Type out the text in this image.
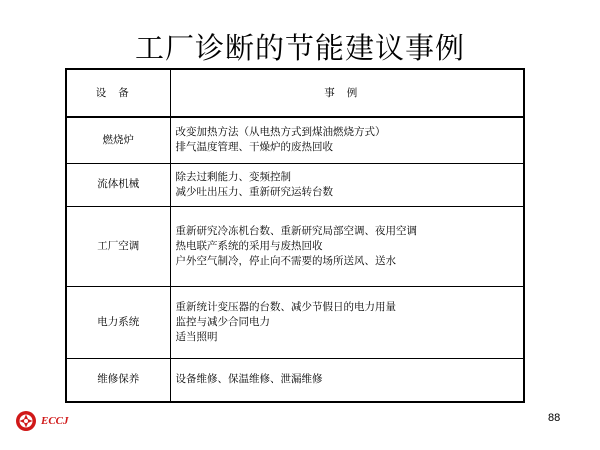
工厂诊断的节能建议事例
设备	事例
燃烧炉	改变加热方法（从电热方式到煤油燃烧方式）
排气温度管理、干燥炉的废热回收

流体机械	除去过剩能力、变频控制
减少吐出压力、重新研究运转台数

工厂空调	重新研究冷冻机台数、重新研究局部空调、夜用空调
热电联产系统的采用与废热回收
户外空气制冷，停止向不需要的场所送风、送水

电力系统	重新统计变压器的台数、减少节假日的电力用量
监控与减少合同电力
适当照明

维修保养	设备维修、保温维修、泄漏维修
ECCJ	88
